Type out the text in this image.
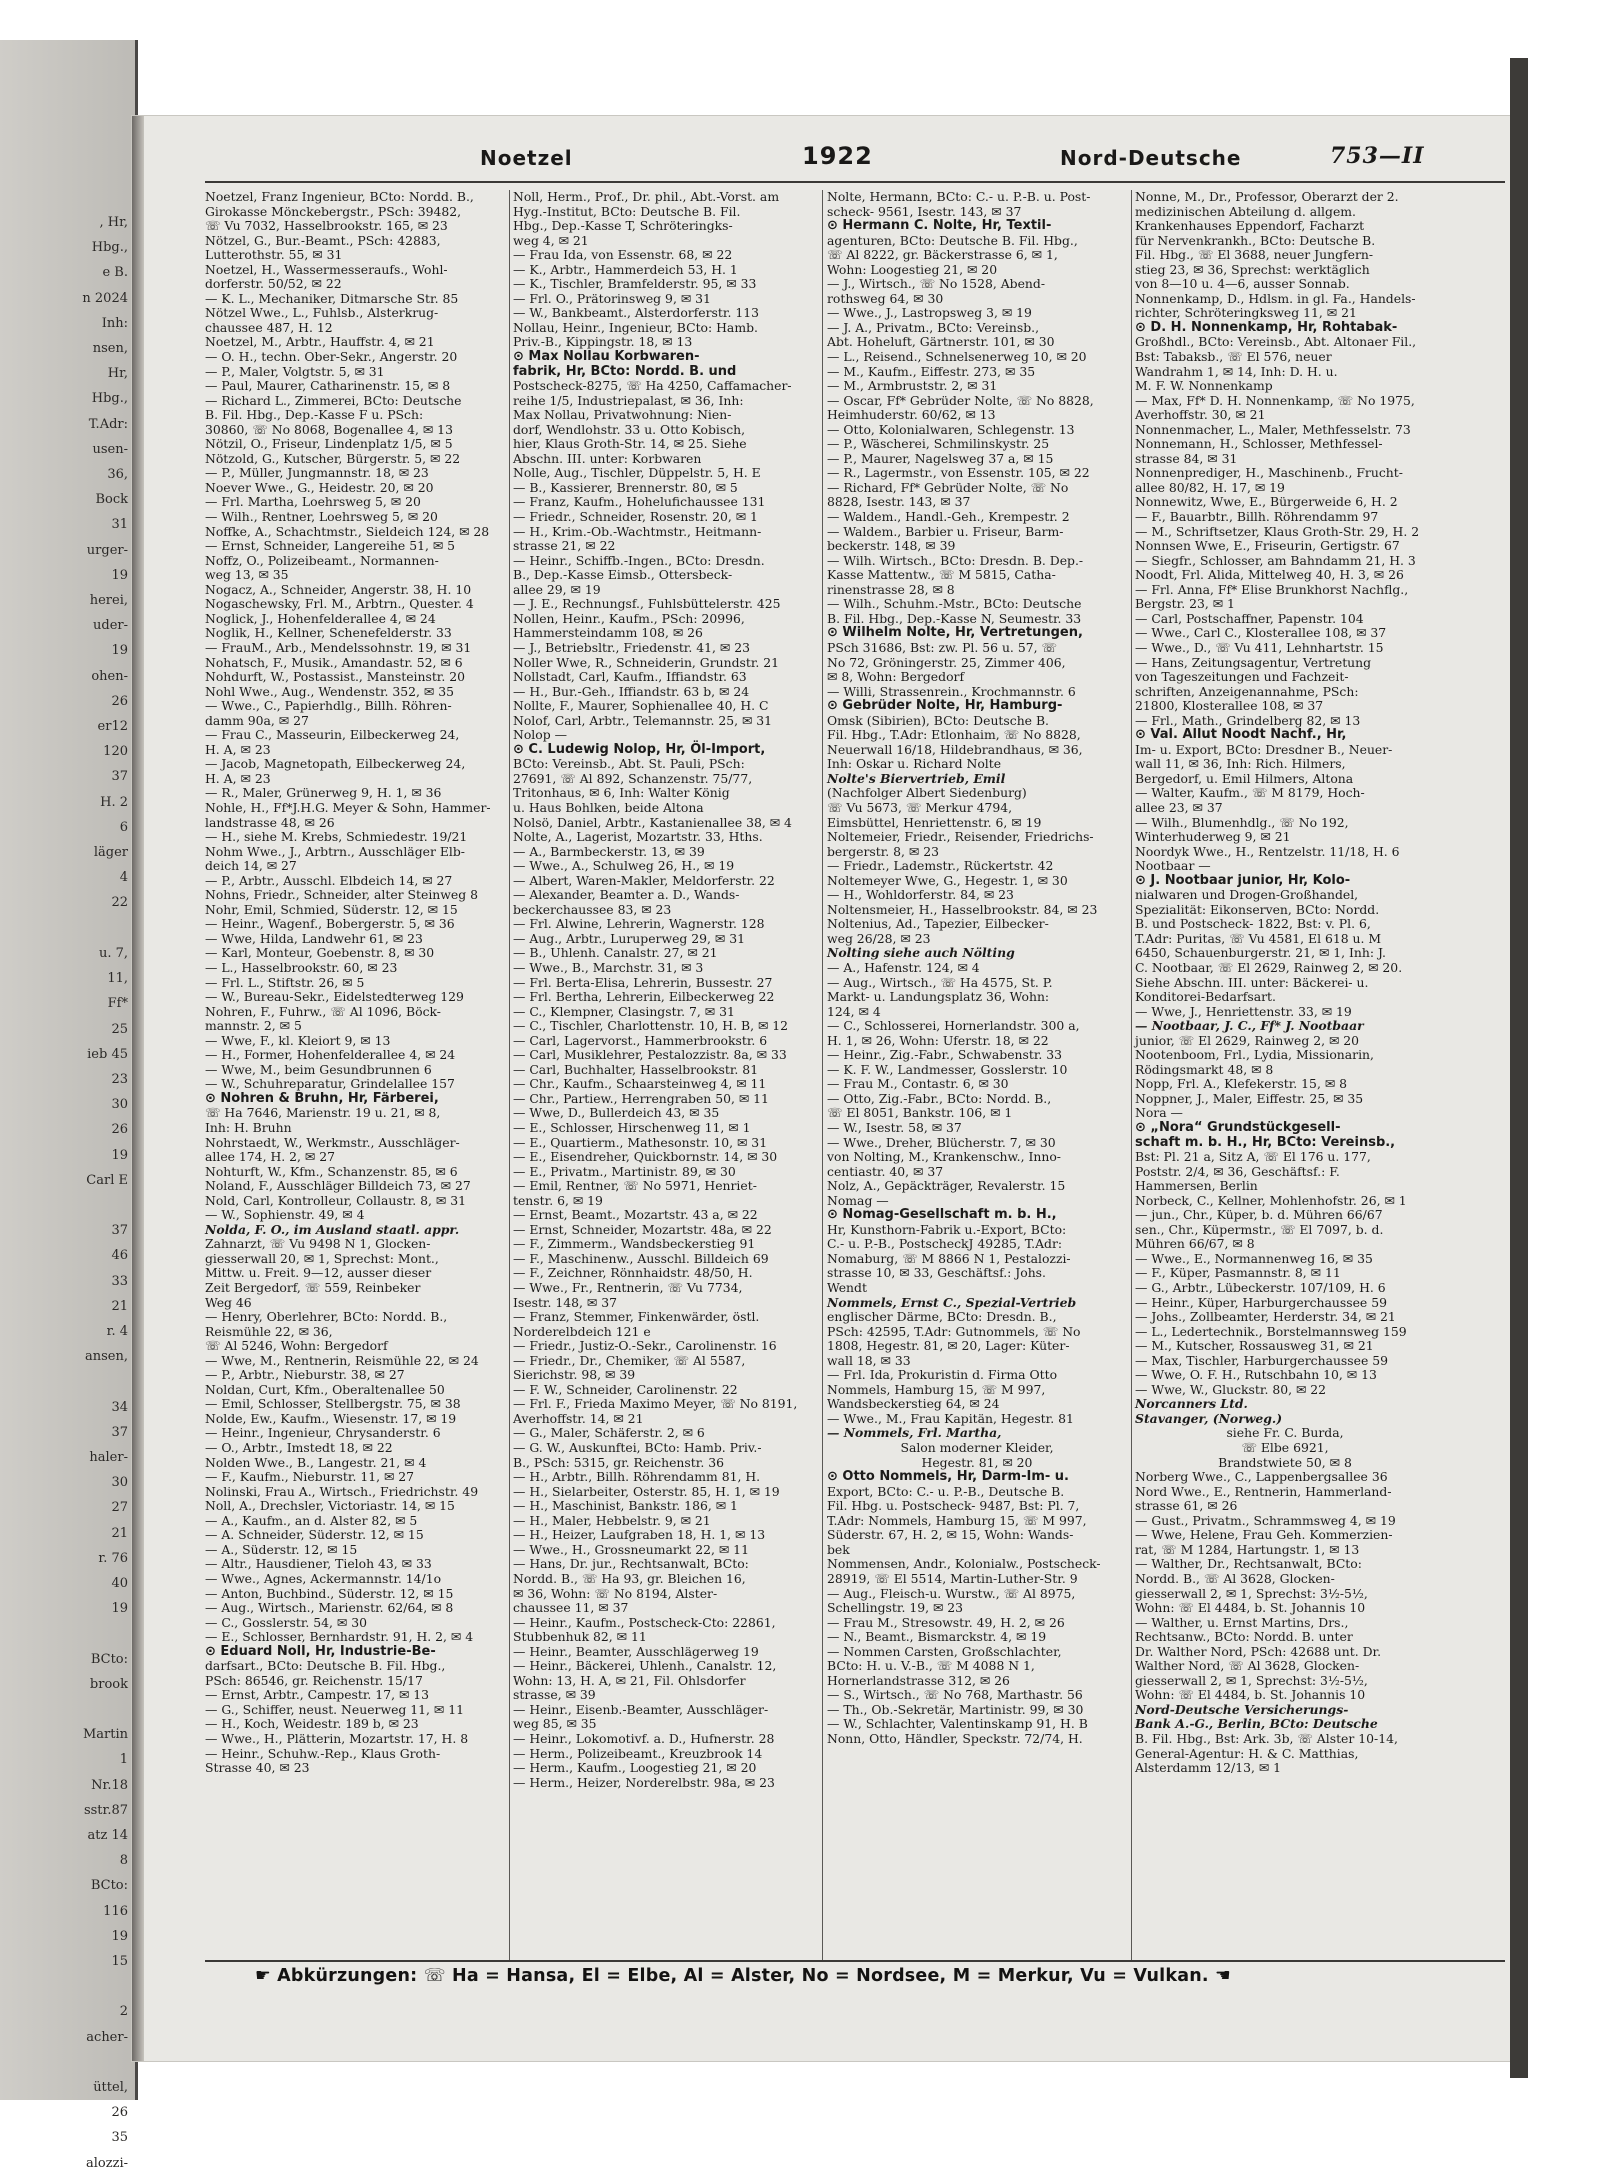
, Hr,
Hbg.,
e B.
n 2024
Inh:
nsen,
Hr,
Hbg.,
T.Adr:
usen-
36,
Bock
31
urger-
19
herei,
uder-
19
ohen-
26
er12
120
37
H. 2
6
läger
4
22

u. 7,
11,
Ff*
25
ieb 45
23
30
26
19
Carl E

37
46
33
21
r. 4
ansen,

34
37
haler-
30
27
21
r. 76
40
19

BCto:
brook

Martin
1
Nr.18
sstr.87
atz 14
8
BCto:
116
19
15

2
acher-

üttel,
26
35
alozzi-
Noetzel	1922	Nord-Deutsche	753—II
Noetzel, Franz Ingenieur, BCto: Nordd. B.,
Girokasse Mönckebergstr., PSch: 39482,
☏ Vu 7032, Hasselbrookstr. 165, ✉ 23
Nötzel, G., Bur.-Beamt., PSch: 42883,
Lutterothstr. 55, ✉ 31
Noetzel, H., Wassermesseraufs., Wohl-
dorferstr. 50/52, ✉ 22
— K. L., Mechaniker, Ditmarsche Str. 85
Nötzel Wwe., L., Fuhlsb., Alsterkrug-
chaussee 487, H. 12
Noetzel, M., Arbtr., Hauffstr. 4, ✉ 21
— O. H., techn. Ober-Sekr., Angerstr. 20
— P., Maler, Volgtstr. 5, ✉ 31
— Paul, Maurer, Catharinenstr. 15, ✉ 8
— Richard L., Zimmerei, BCto: Deutsche
B. Fil. Hbg., Dep.-Kasse F u. PSch:
30860, ☏ No 8068, Bogenallee 4, ✉ 13
Nötzil, O., Friseur, Lindenplatz 1/5, ✉ 5
Nötzold, G., Kutscher, Bürgerstr. 5, ✉ 22
— P., Müller, Jungmannstr. 18, ✉ 23
Noever Wwe., G., Heidestr. 20, ✉ 20
— Frl. Martha, Loehrsweg 5, ✉ 20
— Wilh., Rentner, Loehrsweg 5, ✉ 20
Noffke, A., Schachtmstr., Sieldeich 124, ✉ 28
— Ernst, Schneider, Langereihe 51, ✉ 5
Noffz, O., Polizeibeamt., Normannen-
weg 13, ✉ 35
Nogacz, A., Schneider, Angerstr. 38, H. 10
Nogaschewsky, Frl. M., Arbtrn., Quester. 4
Noglick, J., Hohenfelderallee 4, ✉ 24
Noglik, H., Kellner, Schenefelderstr. 33
— FrauM., Arb., Mendelssohnstr. 19, ✉ 31
Nohatsch, F., Musik., Amandastr. 52, ✉ 6
Nohdurft, W., Postassist., Mansteinstr. 20
Nohl Wwe., Aug., Wendenstr. 352, ✉ 35
— Wwe., C., Papierhdlg., Billh. Röhren-
damm 90a, ✉ 27
— Frau C., Masseurin, Eilbeckerweg 24,
H. A, ✉ 23
— Jacob, Magnetopath, Eilbeckerweg 24,
H. A, ✉ 23
— R., Maler, Grünerweg 9, H. 1, ✉ 36
Nohle, H., Ff*J.H.G. Meyer & Sohn, Hammer-
landstrasse 48, ✉ 26
— H., siehe M. Krebs, Schmiedestr. 19/21
Nohm Wwe., J., Arbtrn., Ausschläger Elb-
deich 14, ✉ 27
— P., Arbtr., Ausschl. Elbdeich 14, ✉ 27
Nohns, Friedr., Schneider, alter Steinweg 8
Nohr, Emil, Schmied, Süderstr. 12, ✉ 15
— Heinr., Wagenf., Bobergerstr. 5, ✉ 36
— Wwe, Hilda, Landwehr 61, ✉ 23
— Karl, Monteur, Goebenstr. 8, ✉ 30
— L., Hasselbrookstr. 60, ✉ 23
— Frl. L., Stiftstr. 26, ✉ 5
— W., Bureau-Sekr., Eidelstedterweg 129
Nohren, F., Fuhrw., ☏ Al 1096, Böck-
mannstr. 2, ✉ 5
— Wwe, F., kl. Kleiort 9, ✉ 13
— H., Former, Hohenfelderallee 4, ✉ 24
— Wwe, M., beim Gesundbrunnen 6
— W., Schuhreparatur, Grindelallee 157
⊙ Nohren & Bruhn, Hr, Färberei,
☏ Ha 7646, Marienstr. 19 u. 21, ✉ 8,
Inh: H. Bruhn
Nohrstaedt, W., Werkmstr., Ausschläger-
allee 174, H. 2, ✉ 27
Nohturft, W., Kfm., Schanzenstr. 85, ✉ 6
Noland, F., Ausschläger Billdeich 73, ✉ 27
Nold, Carl, Kontrolleur, Collaustr. 8, ✉ 31
— W., Sophienstr. 49, ✉ 4
Nolda, F. O., im Ausland staatl. appr.
Zahnarzt, ☏ Vu 9498 N 1, Glocken-
giesserwall 20, ✉ 1, Sprechst: Mont.,
Mittw. u. Freit. 9—12, ausser dieser
Zeit Bergedorf, ☏ 559, Reinbeker
Weg 46
— Henry, Oberlehrer, BCto: Nordd. B.,
Reismühle 22, ✉ 36,
☏ Al 5246, Wohn: Bergedorf
— Wwe, M., Rentnerin, Reismühle 22, ✉ 24
— P., Arbtr., Nieburstr. 38, ✉ 27
Noldan, Curt, Kfm., Oberaltenallee 50
— Emil, Schlosser, Stellbergstr. 75, ✉ 38
Nolde, Ew., Kaufm., Wiesenstr. 17, ✉ 19
— Heinr., Ingenieur, Chrysanderstr. 6
— O., Arbtr., Imstedt 18, ✉ 22
Nolden Wwe., B., Langestr. 21, ✉ 4
— F., Kaufm., Nieburstr. 11, ✉ 27
Nolinski, Frau A., Wirtsch., Friedrichstr. 49
Noll, A., Drechsler, Victoriastr. 14, ✉ 15
— A., Kaufm., an d. Alster 82, ✉ 5
— A. Schneider, Süderstr. 12, ✉ 15
— A., Süderstr. 12, ✉ 15
— Altr., Hausdiener, Tieloh 43, ✉ 33
— Wwe., Agnes, Ackermannstr. 14/1o
— Anton, Buchbind., Süderstr. 12, ✉ 15
— Aug., Wirtsch., Marienstr. 62/64, ✉ 8
— C., Gosslerstr. 54, ✉ 30
— E., Schlosser, Bernhardstr. 91, H. 2, ✉ 4
⊙ Eduard Noll, Hr, Industrie-Be-
darfsart., BCto: Deutsche B. Fil. Hbg.,
PSch: 86546, gr. Reichenstr. 15/17
— Ernst, Arbtr., Campestr. 17, ✉ 13
— G., Schiffer, neust. Neuerweg 11, ✉ 11
— H., Koch, Weidestr. 189 b, ✉ 23
— Wwe., H., Plätterin, Mozartstr. 17, H. 8
— Heinr., Schuhw.-Rep., Klaus Groth-
Strasse 40, ✉ 23
Noll, Herm., Prof., Dr. phil., Abt.-Vorst. am
Hyg.-Institut, BCto: Deutsche B. Fil.
Hbg., Dep.-Kasse T, Schröteringks-
weg 4, ✉ 21
— Frau Ida, von Essenstr. 68, ✉ 22
— K., Arbtr., Hammerdeich 53, H. 1
— K., Tischler, Bramfelderstr. 95, ✉ 33
— Frl. O., Prätorinsweg 9, ✉ 31
— W., Bankbeamt., Alsterdorferstr. 113
Nollau, Heinr., Ingenieur, BCto: Hamb.
Priv.-B., Kippingstr. 18, ✉ 13
⊙ Max Nollau Korbwaren-
fabrik, Hr, BCto: Nordd. B. und
Postscheck-8275, ☏ Ha 4250, Caffamacher-
reihe 1/5, Industriepalast, ✉ 36, Inh:
Max Nollau, Privatwohnung: Nien-
dorf, Wendlohstr. 33 u. Otto Kobisch,
hier, Klaus Groth-Str. 14, ✉ 25. Siehe
Abschn. III. unter: Korbwaren
Nolle, Aug., Tischler, Düppelstr. 5, H. E
— B., Kassierer, Brennerstr. 80, ✉ 5
— Franz, Kaufm., Hohelufichaussee 131
— Friedr., Schneider, Rosenstr. 20, ✉ 1
— H., Krim.-Ob.-Wachtmstr., Heitmann-
strasse 21, ✉ 22
— Heinr., Schiffb.-Ingen., BCto: Dresdn.
B., Dep.-Kasse Eimsb., Ottersbeck-
allee 29, ✉ 19
— J. E., Rechnungsf., Fuhlsbüttelerstr. 425
Nollen, Heinr., Kaufm., PSch: 20996,
Hammersteindamm 108, ✉ 26
— J., Betriebsltr., Friedenstr. 41, ✉ 23
Noller Wwe, R., Schneiderin, Grundstr. 21
Nollstadt, Carl, Kaufm., Iffiandstr. 63
— H., Bur.-Geh., Iffiandstr. 63 b, ✉ 24
Nollte, F., Maurer, Sophienallee 40, H. C
Nolof, Carl, Arbtr., Telemannstr. 25, ✉ 31
Nolop —
⊙ C. Ludewig Nolop, Hr, Öl-Import,
BCto: Vereinsb., Abt. St. Pauli, PSch:
27691, ☏ Al 892, Schanzenstr. 75/77,
Tritonhaus, ✉ 6, Inh: Walter König
u. Haus Bohlken, beide Altona
Nolsö, Daniel, Arbtr., Kastanienallee 38, ✉ 4
Nolte, A., Lagerist, Mozartstr. 33, Hths.
— A., Barmbeckerstr. 13, ✉ 39
— Wwe., A., Schulweg 26, H., ✉ 19
— Albert, Waren-Makler, Meldorferstr. 22
— Alexander, Beamter a. D., Wands-
beckerchaussee 83, ✉ 23
— Frl. Alwine, Lehrerin, Wagnerstr. 128
— Aug., Arbtr., Luruperweg 29, ✉ 31
— B., Uhlenh. Canalstr. 27, ✉ 21
— Wwe., B., Marchstr. 31, ✉ 3
— Frl. Berta-Elisa, Lehrerin, Bussestr. 27
— Frl. Bertha, Lehrerin, Eilbeckerweg 22
— C., Klempner, Clasingstr. 7, ✉ 31
— C., Tischler, Charlottenstr. 10, H. B, ✉ 12
— Carl, Lagervorst., Hammerbrookstr. 6
— Carl, Musiklehrer, Pestalozzistr. 8a, ✉ 33
— Carl, Buchhalter, Hasselbrookstr. 81
— Chr., Kaufm., Schaarsteinweg 4, ✉ 11
— Chr., Partiew., Herrengraben 50, ✉ 11
— Wwe, D., Bullerdeich 43, ✉ 35
— E., Schlosser, Hirschenweg 11, ✉ 1
— E., Quartierm., Mathesonstr. 10, ✉ 31
— E., Eisendreher, Quickbornstr. 14, ✉ 30
— E., Privatm., Martinistr. 89, ✉ 30
— Emil, Rentner, ☏ No 5971, Henriet-
tenstr. 6, ✉ 19
— Ernst, Beamt., Mozartstr. 43 a, ✉ 22
— Ernst, Schneider, Mozartstr. 48a, ✉ 22
— F., Zimmerm., Wandsbeckerstieg 91
— F., Maschinenw., Ausschl. Billdeich 69
— F., Zeichner, Rönnhaidstr. 48/50, H.
— Wwe., Fr., Rentnerin, ☏ Vu 7734,
Isestr. 148, ✉ 37
— Franz, Stemmer, Finkenwärder, östl.
Norderelbdeich 121 e
— Friedr., Justiz-O.-Sekr., Carolinenstr. 16
— Friedr., Dr., Chemiker, ☏ Al 5587,
Sierichstr. 98, ✉ 39
— F. W., Schneider, Carolinenstr. 22
— Frl. F., Frieda Maximo Meyer, ☏ No 8191,
Averhoffstr. 14, ✉ 21
— G., Maler, Schäferstr. 2, ✉ 6
— G. W., Auskunftei, BCto: Hamb. Priv.-
B., PSch: 5315, gr. Reichenstr. 36
— H., Arbtr., Billh. Röhrendamm 81, H.
— H., Sielarbeiter, Osterstr. 85, H. 1, ✉ 19
— H., Maschinist, Bankstr. 186, ✉ 1
— H., Maler, Hebbelstr. 9, ✉ 21
— H., Heizer, Laufgraben 18, H. 1, ✉ 13
— Wwe., H., Grossneumarkt 22, ✉ 11
— Hans, Dr. jur., Rechtsanwalt, BCto:
Nordd. B., ☏ Ha 93, gr. Bleichen 16,
✉ 36, Wohn: ☏ No 8194, Alster-
chaussee 11, ✉ 37
— Heinr., Kaufm., Postscheck-Cto: 22861,
Stubbenhuk 82, ✉ 11
— Heinr., Beamter, Ausschlägerweg 19
— Heinr., Bäckerei, Uhlenh., Canalstr. 12,
Wohn: 13, H. A, ✉ 21, Fil. Ohlsdorfer
strasse, ✉ 39
— Heinr., Eisenb.-Beamter, Ausschläger-
weg 85, ✉ 35
— Heinr., Lokomotivf. a. D., Hufnerstr. 28
— Herm., Polizeibeamt., Kreuzbrook 14
— Herm., Kaufm., Loogestieg 21, ✉ 20
— Herm., Heizer, Norderelbstr. 98a, ✉ 23
Nolte, Hermann, BCto: C.- u. P.-B. u. Post-
scheck- 9561, Isestr. 143, ✉ 37
⊙ Hermann C. Nolte, Hr, Textil-
agenturen, BCto: Deutsche B. Fil. Hbg.,
☏ Al 8222, gr. Bäckerstrasse 6, ✉ 1,
Wohn: Loogestieg 21, ✉ 20
— J., Wirtsch., ☏ No 1528, Abend-
rothsweg 64, ✉ 30
— Wwe., J., Lastropsweg 3, ✉ 19
— J. A., Privatm., BCto: Vereinsb.,
Abt. Hoheluft, Gärtnerstr. 101, ✉ 30
— L., Reisend., Schnelsenerweg 10, ✉ 20
— M., Kaufm., Eiffestr. 273, ✉ 35
— M., Armbruststr. 2, ✉ 31
— Oscar, Ff* Gebrüder Nolte, ☏ No 8828,
Heimhuderstr. 60/62, ✉ 13
— Otto, Kolonialwaren, Schlegenstr. 13
— P., Wäscherei, Schmilinskystr. 25
— P., Maurer, Nagelsweg 37 a, ✉ 15
— R., Lagermstr., von Essenstr. 105, ✉ 22
— Richard, Ff* Gebrüder Nolte, ☏ No
8828, Isestr. 143, ✉ 37
— Waldem., Handl.-Geh., Krempestr. 2
— Waldem., Barbier u. Friseur, Barm-
beckerstr. 148, ✉ 39
— Wilh. Wirtsch., BCto: Dresdn. B. Dep.-
Kasse Mattentw., ☏ M 5815, Catha-
rinenstrasse 28, ✉ 8
— Wilh., Schuhm.-Mstr., BCto: Deutsche
B. Fil. Hbg., Dep.-Kasse N, Seumestr. 33
⊙ Wilhelm Nolte, Hr, Vertretungen,
PSch 31686, Bst: zw. Pl. 56 u. 57, ☏
No 72, Gröningerstr. 25, Zimmer 406,
✉ 8, Wohn: Bergedorf
— Willi, Strassenrein., Krochmannstr. 6
⊙ Gebrüder Nolte, Hr, Hamburg-
Omsk (Sibirien), BCto: Deutsche B.
Fil. Hbg., T.Adr: Etlonhaim, ☏ No 8828,
Neuerwall 16/18, Hildebrandhaus, ✉ 36,
Inh: Oskar u. Richard Nolte
Nolte's Biervertrieb, Emil
(Nachfolger Albert Siedenburg)
☏ Vu 5673, ☏ Merkur 4794,
Eimsbüttel, Henriettenstr. 6, ✉ 19
Noltemeier, Friedr., Reisender, Friedrichs-
bergerstr. 8, ✉ 23
— Friedr., Lademstr., Rückertstr. 42
Noltemeyer Wwe, G., Hegestr. 1, ✉ 30
— H., Wohldorferstr. 84, ✉ 23
Noltensmeier, H., Hasselbrookstr. 84, ✉ 23
Noltenius, Ad., Tapezier, Eilbecker-
weg 26/28, ✉ 23
Nolting siehe auch Nölting
— A., Hafenstr. 124, ✉ 4
— Aug., Wirtsch., ☏ Ha 4575, St. P.
Markt- u. Landungsplatz 36, Wohn:
124, ✉ 4
— C., Schlosserei, Hornerlandstr. 300 a,
H. 1, ✉ 26, Wohn: Uferstr. 18, ✉ 22
— Heinr., Zig.-Fabr., Schwabenstr. 33
— K. F. W., Landmesser, Gosslerstr. 10
— Frau M., Contastr. 6, ✉ 30
— Otto, Zig.-Fabr., BCto: Nordd. B.,
☏ El 8051, Bankstr. 106, ✉ 1
— W., Isestr. 58, ✉ 37
— Wwe., Dreher, Blücherstr. 7, ✉ 30
von Nolting, M., Krankenschw., Inno-
centiastr. 40, ✉ 37
Nolz, A., Gepäckträger, Revalerstr. 15
Nomag —
⊙ Nomag-Gesellschaft m. b. H.,
Hr, Kunsthorn-Fabrik u.-Export, BCto:
C.- u. P.-B., PostscheckJ 49285, T.Adr:
Nomaburg, ☏ M 8866 N 1, Pestalozzi-
strasse 10, ✉ 33, Geschäftsf.: Johs.
Wendt
Nommels, Ernst C., Spezial-Vertrieb
englischer Därme, BCto: Dresdn. B.,
PSch: 42595, T.Adr: Gutnommels, ☏ No
1808, Hegestr. 81, ✉ 20, Lager: Küter-
wall 18, ✉ 33
— Frl. Ida, Prokuristin d. Firma Otto
Nommels, Hamburg 15, ☏ M 997,
Wandsbeckerstieg 64, ✉ 24
— Wwe., M., Frau Kapitän, Hegestr. 81
— Nommels, Frl. Martha,
Salon moderner Kleider,
Hegestr. 81, ✉ 20
⊙ Otto Nommels, Hr, Darm-Im- u.
Export, BCto: C.- u. P.-B., Deutsche B.
Fil. Hbg. u. Postscheck- 9487, Bst: Pl. 7,
T.Adr: Nommels, Hamburg 15, ☏ M 997,
Süderstr. 67, H. 2, ✉ 15, Wohn: Wands-
bek
Nommensen, Andr., Kolonialw., Postscheck-
28919, ☏ El 5514, Martin-Luther-Str. 9
— Aug., Fleisch-u. Wurstw., ☏ Al 8975,
Schellingstr. 19, ✉ 23
— Frau M., Stresowstr. 49, H. 2, ✉ 26
— N., Beamt., Bismarckstr. 4, ✉ 19
— Nommen Carsten, Großschlachter,
BCto: H. u. V.-B., ☏ M 4088 N 1,
Hornerlandstrasse 312, ✉ 26
— S., Wirtsch., ☏ No 768, Marthastr. 56
— Th., Ob.-Sekretär, Martinistr. 99, ✉ 30
— W., Schlachter, Valentinskamp 91, H. B
Nonn, Otto, Händler, Speckstr. 72/74, H.
Nonne, M., Dr., Professor, Oberarzt der 2.
medizinischen Abteilung d. allgem.
Krankenhauses Eppendorf, Facharzt
für Nervenkrankh., BCto: Deutsche B.
Fil. Hbg., ☏ El 3688, neuer Jungfern-
stieg 23, ✉ 36, Sprechst: werktäglich
von 8—10 u. 4—6, ausser Sonnab.
Nonnenkamp, D., Hdlsm. in gl. Fa., Handels-
richter, Schröteringksweg 11, ✉ 21
⊙ D. H. Nonnenkamp, Hr, Rohtabak-
Großhdl., BCto: Vereinsb., Abt. Altonaer Fil.,
Bst: Tabaksb., ☏ El 576, neuer
Wandrahm 1, ✉ 14, Inh: D. H. u.
M. F. W. Nonnenkamp
— Max, Ff* D. H. Nonnenkamp, ☏ No 1975,
Averhoffstr. 30, ✉ 21
Nonnenmacher, L., Maler, Methfesselstr. 73
Nonnemann, H., Schlosser, Methfessel-
strasse 84, ✉ 31
Nonnenprediger, H., Maschinenb., Frucht-
allee 80/82, H. 17, ✉ 19
Nonnewitz, Wwe, E., Bürgerweide 6, H. 2
— F., Bauarbtr., Billh. Röhrendamm 97
— M., Schriftsetzer, Klaus Groth-Str. 29, H. 2
Nonnsen Wwe, E., Friseurin, Gertigstr. 67
— Siegfr., Schlosser, am Bahndamm 21, H. 3
Noodt, Frl. Alida, Mittelweg 40, H. 3, ✉ 26
— Frl. Anna, Ff* Elise Brunkhorst Nachflg.,
Bergstr. 23, ✉ 1
— Carl, Postschaffner, Papenstr. 104
— Wwe., Carl C., Klosterallee 108, ✉ 37
— Wwe., D., ☏ Vu 411, Lehnhartstr. 15
— Hans, Zeitungsagentur, Vertretung
von Tageszeitungen und Fachzeit-
schriften, Anzeigenannahme, PSch:
21800, Klosterallee 108, ✉ 37
— Frl., Math., Grindelberg 82, ✉ 13
⊙ Val. Allut Noodt Nachf., Hr,
Im- u. Export, BCto: Dresdner B., Neuer-
wall 11, ✉ 36, Inh: Rich. Hilmers,
Bergedorf, u. Emil Hilmers, Altona
— Walter, Kaufm., ☏ M 8179, Hoch-
allee 23, ✉ 37
— Wilh., Blumenhdlg., ☏ No 192,
Winterhuderweg 9, ✉ 21
Noordyk Wwe., H., Rentzelstr. 11/18, H. 6
Nootbaar —
⊙ J. Nootbaar junior, Hr, Kolo-
nialwaren und Drogen-Großhandel,
Spezialität: Eikonserven, BCto: Nordd.
B. und Postscheck- 1822, Bst: v. Pl. 6,
T.Adr: Puritas, ☏ Vu 4581, El 618 u. M
6450, Schauenburgerstr. 21, ✉ 1, Inh: J.
C. Nootbaar, ☏ El 2629, Rainweg 2, ✉ 20.
Siehe Abschn. III. unter: Bäckerei- u.
Konditorei-Bedarfsart.
— Wwe, J., Henriettenstr. 33, ✉ 19
— Nootbaar, J. C., Ff* J. Nootbaar
junior, ☏ El 2629, Rainweg 2, ✉ 20
Nootenboom, Frl., Lydia, Missionarin,
Rödingsmarkt 48, ✉ 8
Nopp, Frl. A., Klefekerstr. 15, ✉ 8
Noppner, J., Maler, Eiffestr. 25, ✉ 35
Nora —
⊙ „Nora“ Grundstückgesell-
schaft m. b. H., Hr, BCto: Vereinsb.,
Bst: Pl. 21 a, Sitz A, ☏ El 176 u. 177,
Poststr. 2/4, ✉ 36, Geschäftsf.: F.
Hammersen, Berlin
Norbeck, C., Kellner, Mohlenhofstr. 26, ✉ 1
— jun., Chr., Küper, b. d. Mühren 66/67
sen., Chr., Küpermstr., ☏ El 7097, b. d.
Mühren 66/67, ✉ 8
— Wwe., E., Normannenweg 16, ✉ 35
— F., Küper, Pasmannstr. 8, ✉ 11
— G., Arbtr., Lübeckerstr. 107/109, H. 6
— Heinr., Küper, Harburgerchaussee 59
— Johs., Zollbeamter, Herderstr. 34, ✉ 21
— L., Ledertechnik., Borstelmannsweg 159
— M., Kutscher, Rossausweg 31, ✉ 21
— Max, Tischler, Harburgerchaussee 59
— Wwe, O. F. H., Rutschbahn 10, ✉ 13
— Wwe, W., Gluckstr. 80, ✉ 22
Norcanners Ltd.
Stavanger, (Norweg.)
siehe Fr. C. Burda,
☏ Elbe 6921,
Brandstwiete 50, ✉ 8
Norberg Wwe., C., Lappenbergsallee 36
Nord Wwe., E., Rentnerin, Hammerland-
strasse 61, ✉ 26
— Gust., Privatm., Schrammsweg 4, ✉ 19
— Wwe, Helene, Frau Geh. Kommerzien-
rat, ☏ M 1284, Hartungstr. 1, ✉ 13
— Walther, Dr., Rechtsanwalt, BCto:
Nordd. B., ☏ Al 3628, Glocken-
giesserwall 2, ✉ 1, Sprechst: 3½-5½,
Wohn: ☏ El 4484, b. St. Johannis 10
— Walther, u. Ernst Martins, Drs.,
Rechtsanw., BCto: Nordd. B. unter
Dr. Walther Nord, PSch: 42688 unt. Dr.
Walther Nord, ☏ Al 3628, Glocken-
giesserwall 2, ✉ 1, Sprechst: 3½-5½,
Wohn: ☏ El 4484, b. St. Johannis 10
Nord-Deutsche Versicherungs-
Bank A.-G., Berlin, BCto: Deutsche
B. Fil. Hbg., Bst: Ark. 3b, ☏ Alster 10-14,
General-Agentur: H. & C. Matthias,
Alsterdamm 12/13, ✉ 1
☛ Abkürzungen: ☏ Ha = Hansa, El = Elbe, Al = Alster, No = Nordsee, M = Merkur, Vu = Vulkan. ☚
